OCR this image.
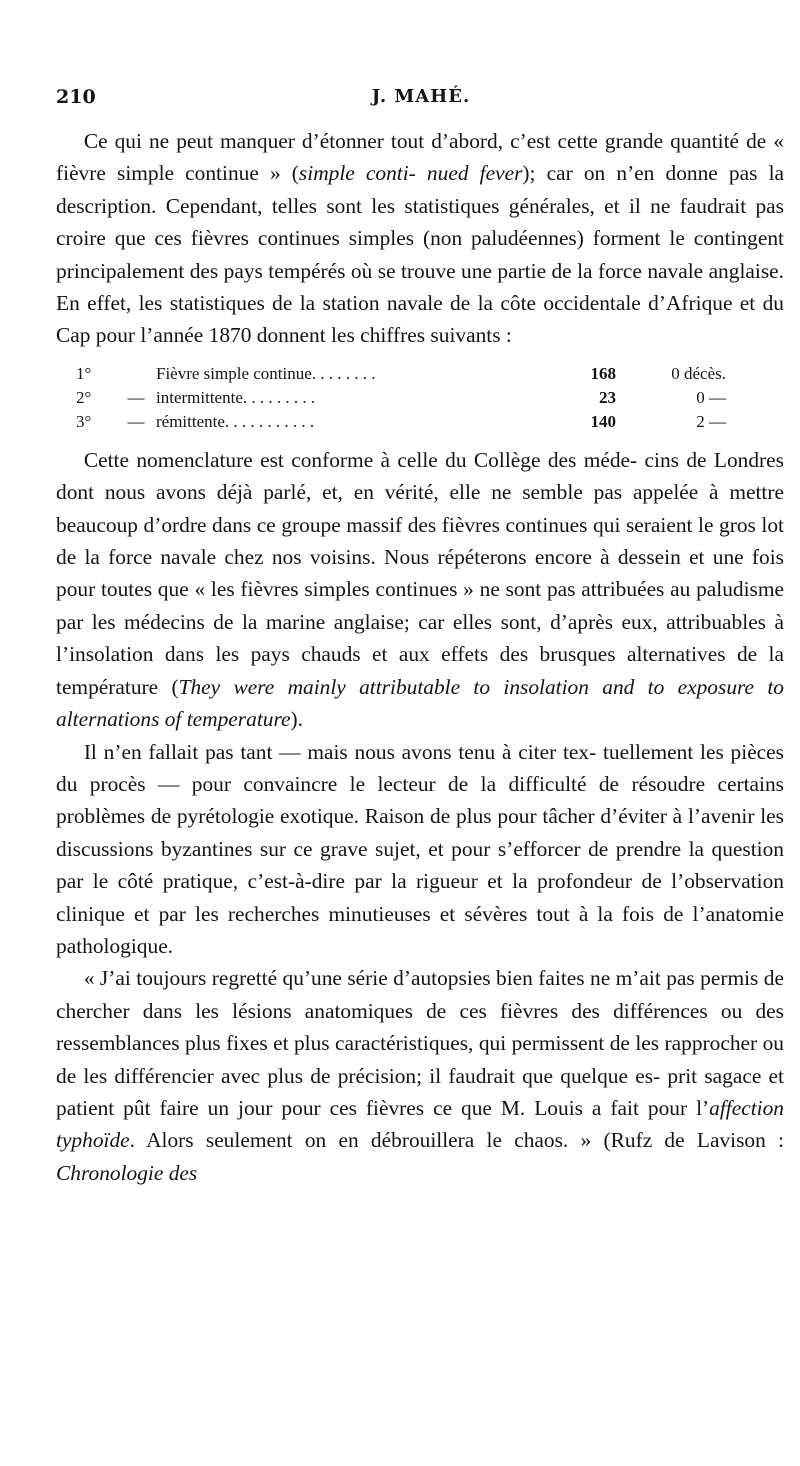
210	J. MAHÉ.

Ce qui ne peut manquer d’étonner tout d’abord, c’est cette grande quantité de « fièvre simple continue » (simple conti- nued fever); car on n’en donne pas la description. Cependant, telles sont les statistiques générales, et il ne faudrait pas croire que ces fièvres continues simples (non paludéennes) forment le contingent principalement des pays tempérés où se trouve une partie de la force navale anglaise. En effet, les statistiques de la station navale de la côte occidentale d’Afrique et du Cap pour l’année 1870 donnent les chiffres suivants :

1°	Fièvre simple continue. . . . . . . .	168	0 décès.
2°	— intermittente. . . . . . . . .	23	0 —
3°	— rémittente. . . . . . . . . . .	140	2 —

Cette nomenclature est conforme à celle du Collège des méde- cins de Londres dont nous avons déjà parlé, et, en vérité, elle ne semble pas appelée à mettre beaucoup d’ordre dans ce groupe massif des fièvres continues qui seraient le gros lot de la force navale chez nos voisins. Nous répéterons encore à dessein et une fois pour toutes que « les fièvres simples continues » ne sont pas attribuées au paludisme par les médecins de la marine anglaise; car elles sont, d’après eux, attribuables à l’insolation dans les pays chauds et aux effets des brusques alternatives de la température (They were mainly attributable to insolation and to exposure to alternations of temperature).

Il n’en fallait pas tant — mais nous avons tenu à citer tex- tuellement les pièces du procès — pour convaincre le lecteur de la difficulté de résoudre certains problèmes de pyrétologie exotique. Raison de plus pour tâcher d’éviter à l’avenir les discussions byzantines sur ce grave sujet, et pour s’efforcer de prendre la question par le côté pratique, c’est-à-dire par la rigueur et la profondeur de l’observation clinique et par les recherches minutieuses et sévères tout à la fois de l’anatomie pathologique.

« J’ai toujours regretté qu’une série d’autopsies bien faites ne m’ait pas permis de chercher dans les lésions anatomiques de ces fièvres des différences ou des ressemblances plus fixes et plus caractéristiques, qui permissent de les rapprocher ou de les différencier avec plus de précision; il faudrait que quelque es- prit sagace et patient pût faire un jour pour ces fièvres ce que M. Louis a fait pour l’affection typhoïde. Alors seulement on en débrouillera le chaos. » (Rufz de Lavison : Chronologie des
